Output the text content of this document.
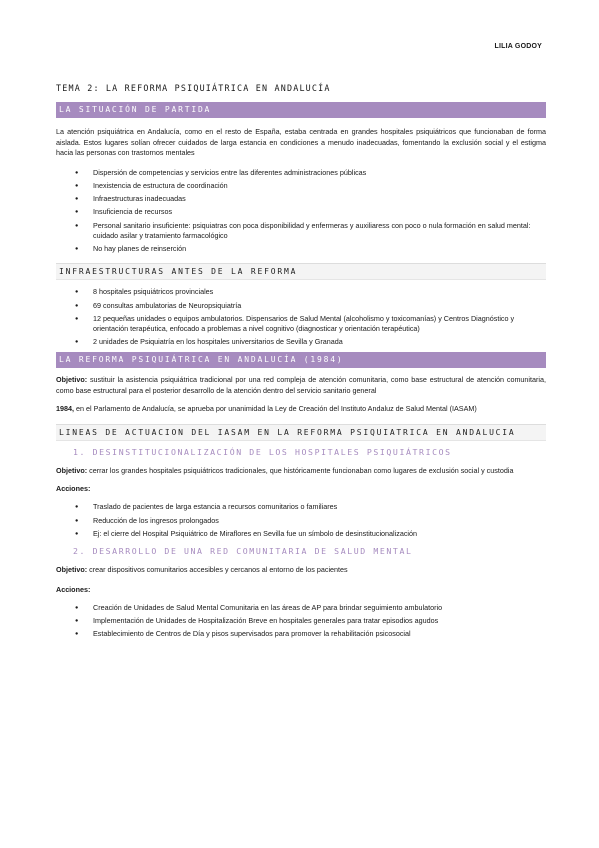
LILIA GODOY
TEMA 2: LA REFORMA PSIQUIÁTRICA EN ANDALUCÍA
LA SITUACIÓN DE PARTIDA

La atención psiquiátrica en Andalucía, como en el resto de España, estaba centrada en grandes hospitales psiquiátricos que funcionaban de forma aislada. Estos lugares solían ofrecer cuidados de larga estancia en condiciones a menudo inadecuadas, fomentando la exclusión social y el estigma hacia las personas con trastornos mentales

● Dispersión de competencias y servicios entre las diferentes administraciones públicas
● Inexistencia de estructura de coordinación
● Infraestructuras inadecuadas
● Insuficiencia de recursos
● Personal sanitario insuficiente: psiquiatras con poca disponibilidad y enfermeras y auxiliaress con poco o nula formación en salud mental: cuidado asilar y tratamiento farmacológico
● No hay planes de reinserción
INFRAESTRUCTURAS ANTES DE LA REFORMA
● 8 hospitales psiquiátricos provinciales
● 69 consultas ambulatorias de Neuropsiquiatría
● 12 pequeñas unidades o equipos ambulatorios. Dispensarios de Salud Mental (alcoholismo y toxicomanías) y Centros Diagnóstico y orientación terapéutica, enfocado a problemas a nivel cognitivo (diagnosticar y orientación terapéutica)
● 2 unidades de Psiquiatría en los hospitales universitarios de Sevilla y Granada
LA REFORMA PSIQUIÁTRICA EN ANDALUCÍA (1984)

Objetivo: sustituir la asistencia psiquiátrica tradicional por una red compleja de atención comunitaria, como base estructural de atención comunitaria, como base estructural para el posterior desarrollo de la atención dentro del servicio sanitario general

1984, en el Parlamento de Andalucía, se aprueba por unanimidad la Ley de Creación del Instituto Andaluz de Salud Mental (IASAM)

LINEAS DE ACTUACION DEL IASAM EN LA REFORMA PSIQUIATRICA EN ANDALUCIA
1. DESINSTITUCIONALIZACIÓN DE LOS HOSPITALES PSIQUIÁTRICOS

Objetivo: cerrar los grandes hospitales psiquiátricos tradicionales, que históricamente funcionaban como lugares de exclusión social y custodia

Acciones:

● Traslado de pacientes de larga estancia a recursos comunitarios o familiares
● Reducción de los ingresos prolongados
● Ej: el cierre del Hospital Psiquiátrico de Miraflores en Sevilla fue un símbolo de desinstitucionalización
2. DESARROLLO DE UNA RED COMUNITARIA DE SALUD MENTAL

Objetivo: crear dispositivos comunitarios accesibles y cercanos al entorno de los pacientes

Acciones:

● Creación de Unidades de Salud Mental Comunitaria en las áreas de AP para brindar seguimiento ambulatorio
● Implementación de Unidades de Hospitalización Breve en hospitales generales para tratar episodios agudos
● Establecimiento de Centros de Día y pisos supervisados para promover la rehabilitación psicosocial
